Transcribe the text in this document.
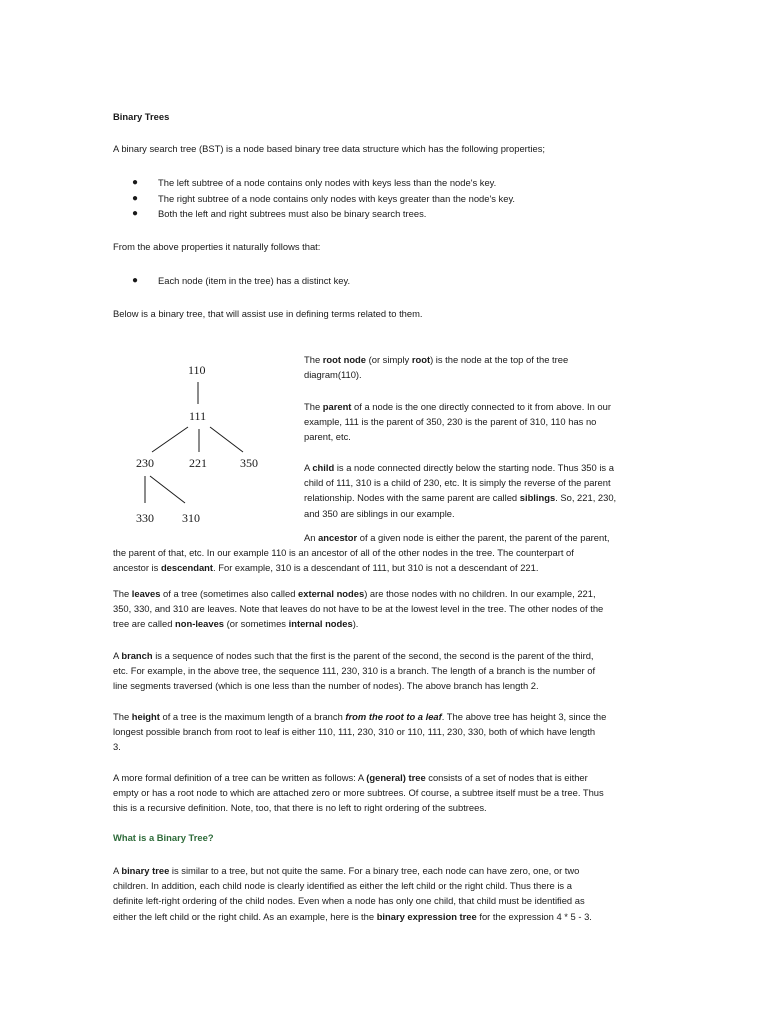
Binary Trees
A binary search tree (BST) is a node based binary tree data structure which has the following properties;
● The left subtree of a node contains only nodes with keys less than the node's key.
● The right subtree of a node contains only nodes with keys greater than the node's key.
● Both the left and right subtrees must also be binary search trees.
From the above properties it naturally follows that:
● Each node (item in the tree) has a distinct key.
Below is a binary tree, that will assist use in defining terms related to them.
110
111
230	221	350
330 310
The root node (or simply root) is the node at the top of the tree
diagram(110).
The parent of a node is the one directly connected to it from above. In our
example, 111 is the parent of 350, 230 is the parent of 310, 110 has no
parent, etc.
A child is a node connected directly below the starting node. Thus 350 is a
child of 111, 310 is a child of 230, etc. It is simply the reverse of the parent
relationship. Nodes with the same parent are called siblings. So, 221, 230,
and 350 are siblings in our example.
An ancestor of a given node is either the parent, the parent of the parent,
the parent of that, etc. In our example 110 is an ancestor of all of the other nodes in the tree. The counterpart of
ancestor is descendant. For example, 310 is a descendant of 111, but 310 is not a descendant of 221.
The leaves of a tree (sometimes also called external nodes) are those nodes with no children. In our example, 221,
350, 330, and 310 are leaves. Note that leaves do not have to be at the lowest level in the tree. The other nodes of the
tree are called non-leaves (or sometimes internal nodes).
A branch is a sequence of nodes such that the first is the parent of the second, the second is the parent of the third,
etc. For example, in the above tree, the sequence 111, 230, 310 is a branch. The length of a branch is the number of
line segments traversed (which is one less than the number of nodes). The above branch has length 2.
The height of a tree is the maximum length of a branch from the root to a leaf. The above tree has height 3, since the
longest possible branch from root to leaf is either 110, 111, 230, 310 or 110, 111, 230, 330, both of which have length
3.
A more formal definition of a tree can be written as follows: A (general) tree consists of a set of nodes that is either
empty or has a root node to which are attached zero or more subtrees. Of course, a subtree itself must be a tree. Thus
this is a recursive definition. Note, too, that there is no left to right ordering of the subtrees.
What is a Binary Tree?
A binary tree is similar to a tree, but not quite the same. For a binary tree, each node can have zero, one, or two
children. In addition, each child node is clearly identified as either the left child or the right child. Thus there is a
definite left-right ordering of the child nodes. Even when a node has only one child, that child must be identified as
either the left child or the right child. As an example, here is the binary expression tree for the expression 4 * 5 - 3.
